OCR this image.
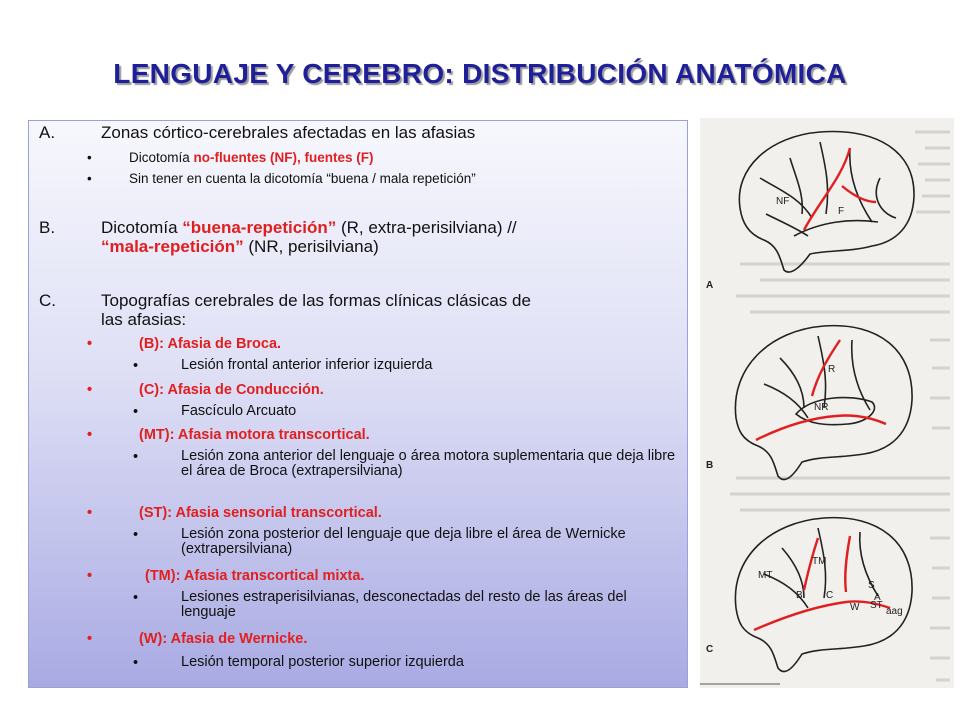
LENGUAJE Y CEREBRO: DISTRIBUCIÓN ANATÓMICA
A.	Zonas córtico-cerebrales afectadas en las afasias
•	Dicotomía no-fluentes (NF), fuentes (F)
•	Sin tener en cuenta la dicotomía “buena / mala repetición”
B.	Dicotomía “buena-repetición” (R, extra-perisilviana) //
“mala-repetición” (NR, perisilviana)
C.	Topografías cerebrales de las formas clínicas clásicas de
las afasias:
•	(B): Afasia de Broca.
•	Lesión frontal anterior inferior izquierda
•	(C): Afasia de Conducción.
•	Fascículo Arcuato
•	(MT): Afasia motora transcortical.
•	Lesión zona anterior del lenguaje o área motora suplementaria que deja libre el área de Broca (extrapersilviana)
•	(ST): Afasia sensorial transcortical.
•	Lesión zona posterior del lenguaje que deja libre el área de Wernicke (extrapersilviana)
•	(TM): Afasia transcortical mixta.
•	Lesiones estraperisilvianas, desconectadas del resto de las áreas del lenguaje
•	(W): Afasia de Wernicke.
•	Lesión temporal posterior superior izquierda
NF
F
A
R
NR
B
TM
MT
B C
W
S
A
ST
aag
C
